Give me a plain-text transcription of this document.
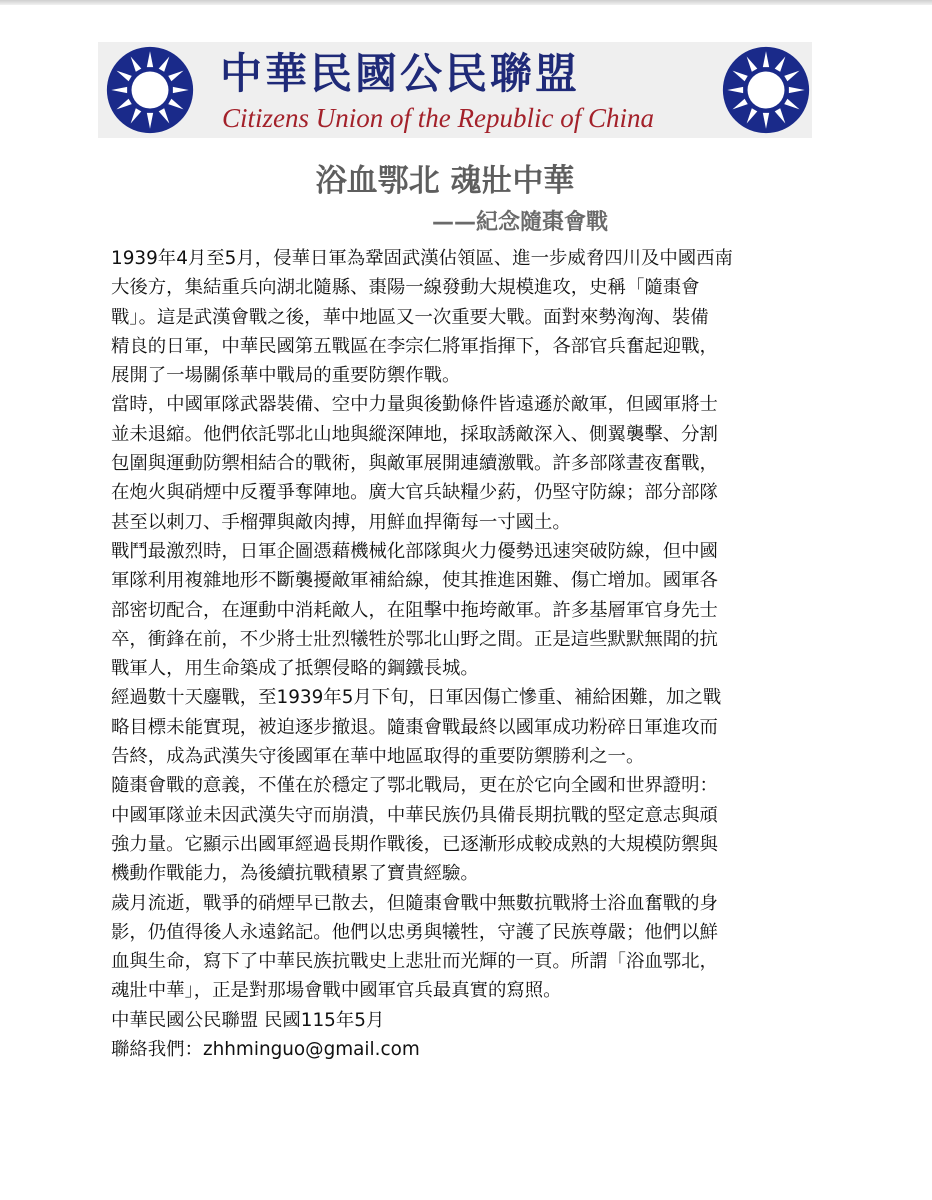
中華民國公民聯盟
Citizens Union of the Republic of China
浴血鄂北 魂壯中華
——紀念隨棗會戰

1939年4月至5月，侵華日軍為鞏固武漢佔領區、進一步威脅四川及中國西南
大後方，集結重兵向湖北隨縣、棗陽一線發動大規模進攻，史稱「隨棗會
戰」。這是武漢會戰之後，華中地區又一次重要大戰。面對來勢洶洶、裝備
精良的日軍，中華民國第五戰區在李宗仁將軍指揮下，各部官兵奮起迎戰，
展開了一場關係華中戰局的重要防禦作戰。

當時，中國軍隊武器裝備、空中力量與後勤條件皆遠遜於敵軍，但國軍將士
並未退縮。他們依託鄂北山地與縱深陣地，採取誘敵深入、側翼襲擊、分割
包圍與運動防禦相結合的戰術，與敵軍展開連續激戰。許多部隊晝夜奮戰，
在炮火與硝煙中反覆爭奪陣地。廣大官兵缺糧少葯，仍堅守防線；部分部隊
甚至以刺刀、手榴彈與敵肉搏，用鮮血捍衛每一寸國土。

戰鬥最激烈時，日軍企圖憑藉機械化部隊與火力優勢迅速突破防線，但中國
軍隊利用複雜地形不斷襲擾敵軍補給線，使其推進困難、傷亡增加。國軍各
部密切配合，在運動中消耗敵人，在阻擊中拖垮敵軍。許多基層軍官身先士
卒，衝鋒在前，不少將士壯烈犧牲於鄂北山野之間。正是這些默默無聞的抗
戰軍人，用生命築成了抵禦侵略的鋼鐵長城。

經過數十天鏖戰，至1939年5月下旬，日軍因傷亡慘重、補給困難，加之戰
略目標未能實現，被迫逐步撤退。隨棗會戰最終以國軍成功粉碎日軍進攻而
告終，成為武漢失守後國軍在華中地區取得的重要防禦勝利之一。

隨棗會戰的意義，不僅在於穩定了鄂北戰局，更在於它向全國和世界證明：
中國軍隊並未因武漢失守而崩潰，中華民族仍具備長期抗戰的堅定意志與頑
強力量。它顯示出國軍經過長期作戰後，已逐漸形成較成熟的大規模防禦與
機動作戰能力，為後續抗戰積累了寶貴經驗。

歲月流逝，戰爭的硝煙早已散去，但隨棗會戰中無數抗戰將士浴血奮戰的身
影，仍值得後人永遠銘記。他們以忠勇與犧牲，守護了民族尊嚴；他們以鮮
血與生命，寫下了中華民族抗戰史上悲壯而光輝的一頁。所謂「浴血鄂北，
魂壯中華」，正是對那場會戰中國軍官兵最真實的寫照。

中華民國公民聯盟 民國115年5月

聯絡我們：zhhminguo@gmail.com
